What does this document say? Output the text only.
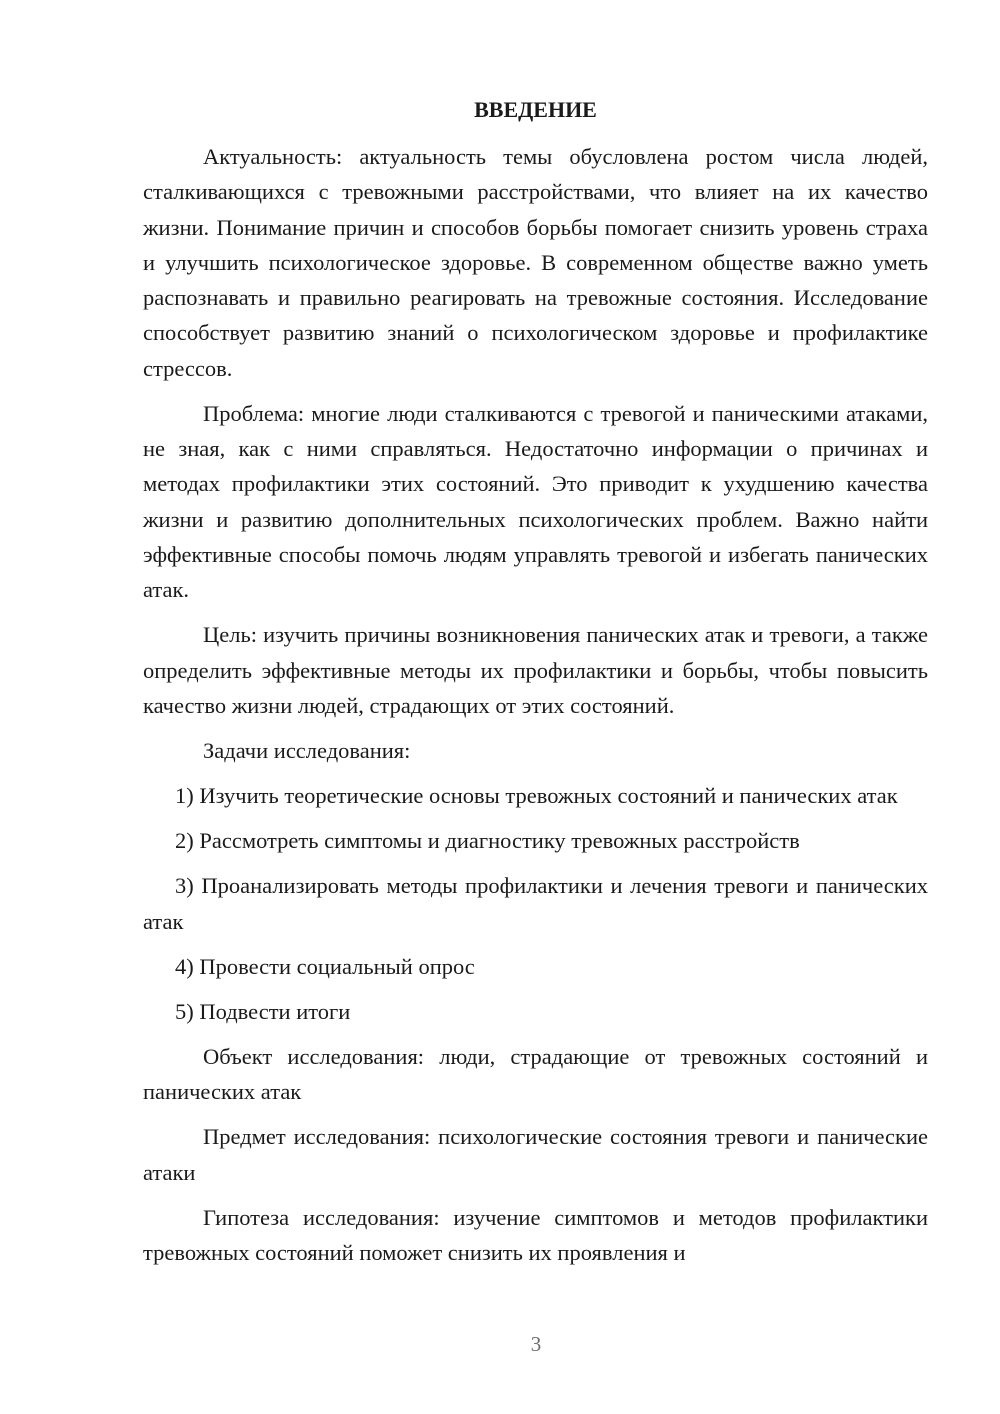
ВВЕДЕНИЕ

Актуальность: актуальность темы обусловлена ростом числа людей, сталкивающихся с тревожными расстройствами, что влияет на их качество жизни. Понимание причин и способов борьбы помогает снизить уровень страха и улучшить психологическое здоровье. В современном обществе важно уметь распознавать и правильно реагировать на тревожные состояния. Исследование способствует развитию знаний о психологическом здоровье и профилактике стрессов.

Проблема: многие люди сталкиваются с тревогой и паническими атаками, не зная, как с ними справляться. Недостаточно информации о причинах и методах профилактики этих состояний. Это приводит к ухудшению качества жизни и развитию дополнительных психологических проблем. Важно найти эффективные способы помочь людям управлять тревогой и избегать панических атак.

Цель: изучить причины возникновения панических атак и тревоги, а также определить эффективные методы их профилактики и борьбы, чтобы повысить качество жизни людей, страдающих от этих состояний.

Задачи исследования:

1) Изучить теоретические основы тревожных состояний и панических атак

2) Рассмотреть симптомы и диагностику тревожных расстройств

3) Проанализировать методы профилактики и лечения тревоги и панических атак

4) Провести социальный опрос

5) Подвести итоги

Объект исследования: люди, страдающие от тревожных состояний и панических атак

Предмет исследования: психологические состояния тревоги и панические атаки

Гипотеза исследования: изучение симптомов и методов профилактики тревожных состояний поможет снизить их проявления и

3
